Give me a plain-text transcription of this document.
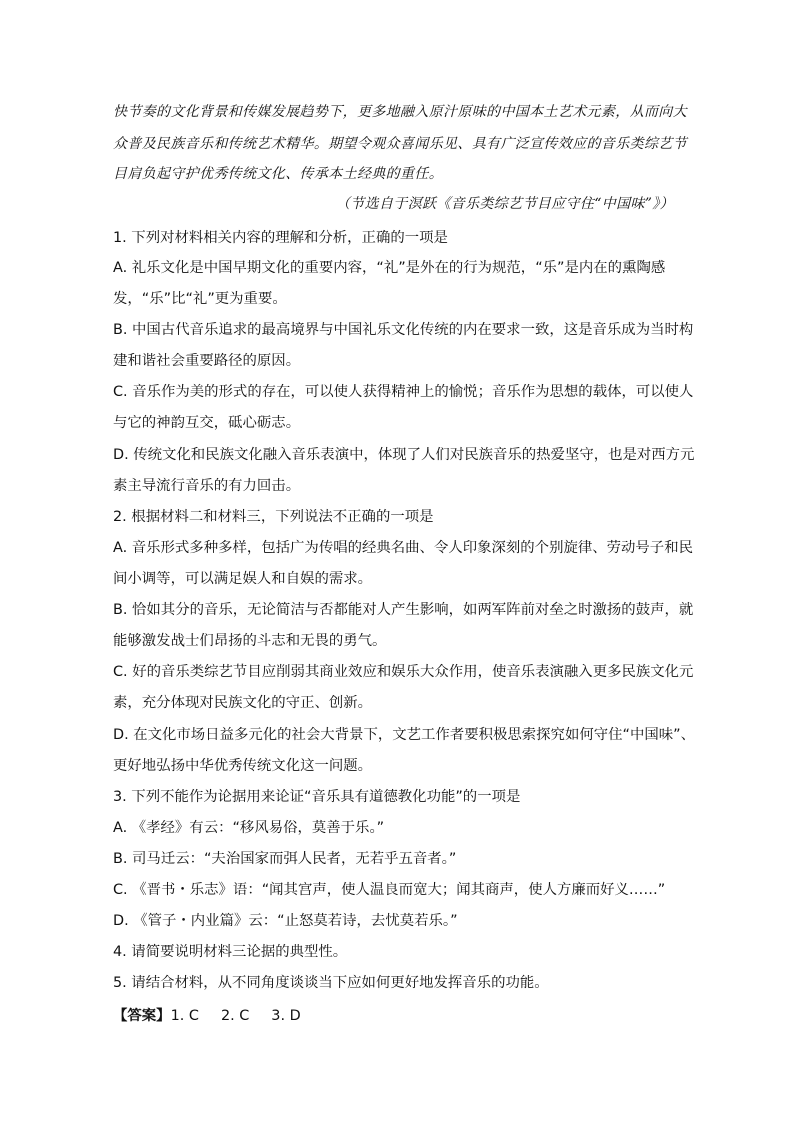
快节奏的文化背景和传媒发展趋势下，更多地融入原汁原味的中国本土艺术元素，从而向大
众普及民族音乐和传统艺术精华。期望令观众喜闻乐见、具有广泛宣传效应的音乐类综艺节
目肩负起守护优秀传统文化、传承本土经典的重任。
（节选自于溟跃《音乐类综艺节目应守住“中国味”》）
1. 下列对材料相关内容的理解和分析，正确的一项是
A. 礼乐文化是中国早期文化的重要内容，“礼”是外在的行为规范，“乐”是内在的熏陶感
发，“乐”比“礼”更为重要。
B. 中国古代音乐追求的最高境界与中国礼乐文化传统的内在要求一致，这是音乐成为当时构
建和谐社会重要路径的原因。
C. 音乐作为美的形式的存在，可以使人获得精神上的愉悦；音乐作为思想的载体，可以使人
与它的神韵互交，砥心砺志。
D. 传统文化和民族文化融入音乐表演中，体现了人们对民族音乐的热爱坚守，也是对西方元
素主导流行音乐的有力回击。
2. 根据材料二和材料三，下列说法不正确的一项是
A. 音乐形式多种多样，包括广为传唱的经典名曲、令人印象深刻的个别旋律、劳动号子和民
间小调等，可以满足娱人和自娱的需求。
B. 恰如其分的音乐，无论简洁与否都能对人产生影响，如两军阵前对垒之时激扬的鼓声，就
能够激发战士们昂扬的斗志和无畏的勇气。
C. 好的音乐类综艺节目应削弱其商业效应和娱乐大众作用，使音乐表演融入更多民族文化元
素，充分体现对民族文化的守正、创新。
D. 在文化市场日益多元化的社会大背景下，文艺工作者要积极思索探究如何守住“中国味”、
更好地弘扬中华优秀传统文化这一问题。
3. 下列不能作为论据用来论证“音乐具有道德教化功能”的一项是
A. 《孝经》有云：“移风易俗，莫善于乐。”
B. 司马迁云：“夫治国家而弭人民者，无若乎五音者。”
C. 《晋书・乐志》语：“闻其宫声，使人温良而宽大；闻其商声，使人方廉而好义……”
D. 《管子・内业篇》云：“止怒莫若诗，去忧莫若乐。”
4. 请简要说明材料三论据的典型性。
5. 请结合材料，从不同角度谈谈当下应如何更好地发挥音乐的功能。
【答案】1. C 2. C 3. D
